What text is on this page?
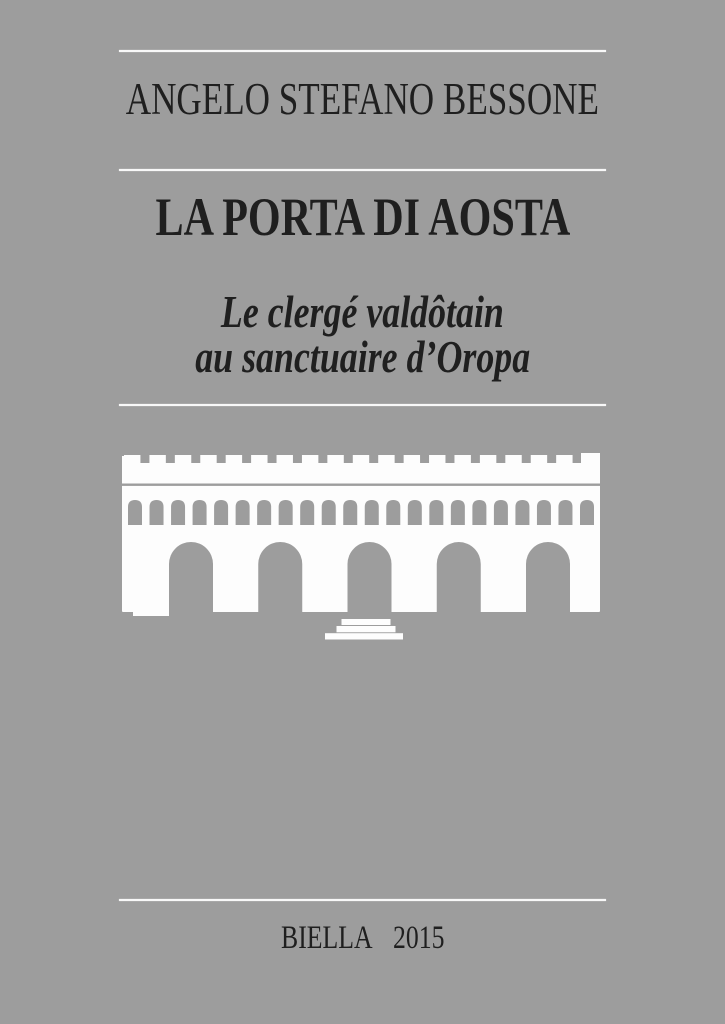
ANGELO STEFANO BESSONE
LA PORTA DI AOSTA
Le clergé valdôtain
au sanctuaire d’Oropa
BIELLA 2015
